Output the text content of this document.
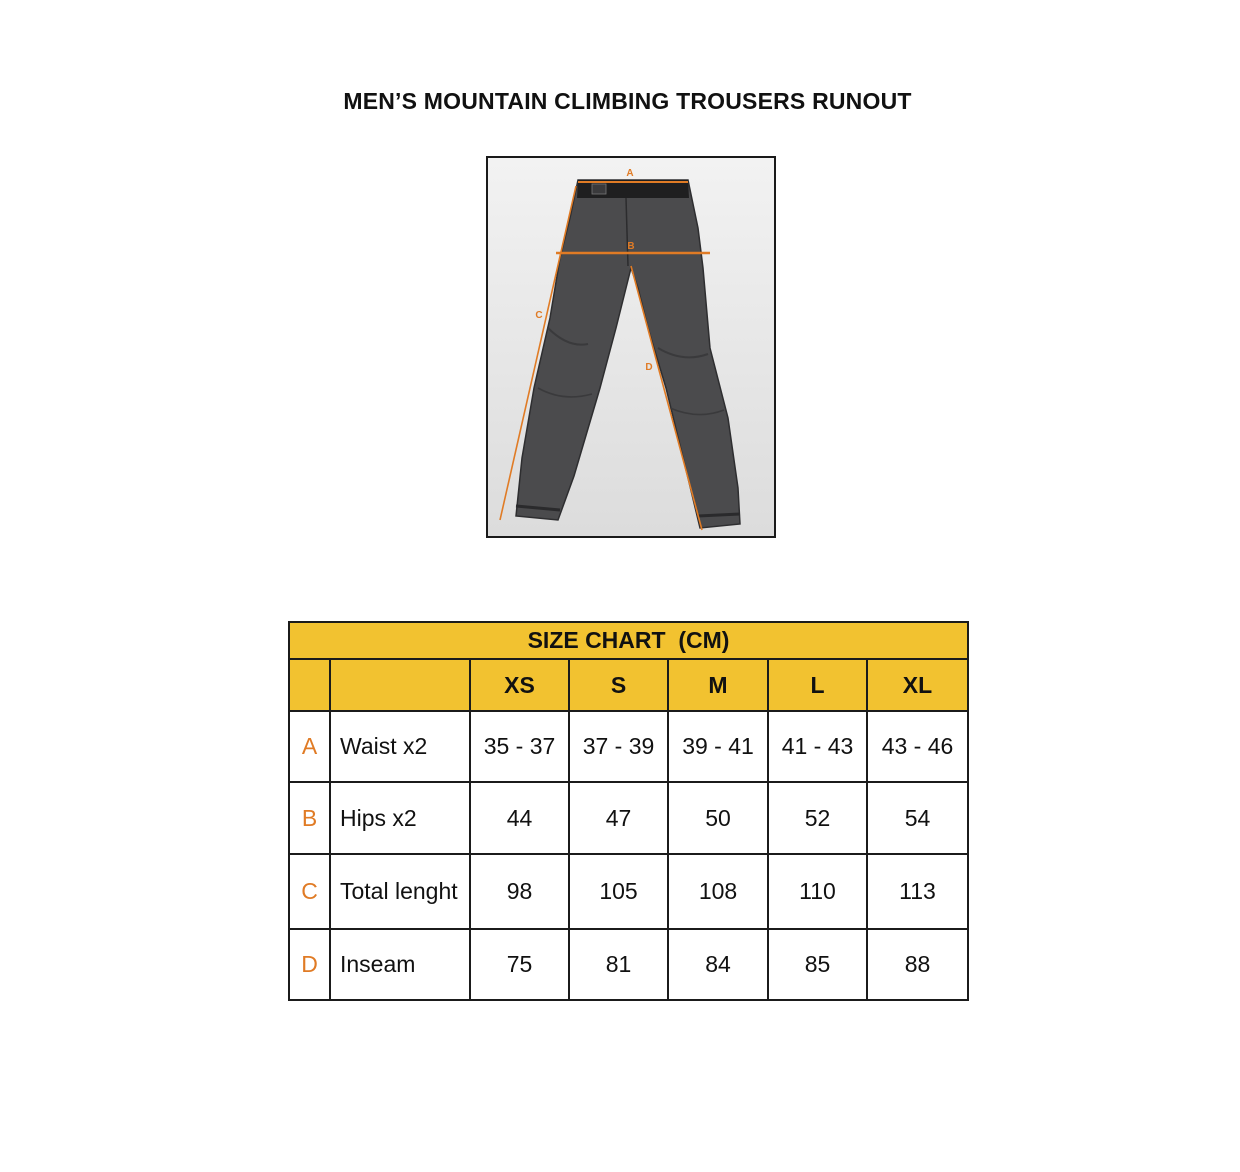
MEN’S MOUNTAIN CLIMBING TROUSERS RUNOUT
A
B
C
D
SIZE CHART  (CM)						
		XS	S	M	L	XL
A	Waist x2	35 - 37	37 - 39	39 - 41	41 - 43	43 - 46
B	Hips x2	44	47	50	52	54
C	Total lenght	98	105	108	110	113
D	Inseam	75	81	84	85	88
